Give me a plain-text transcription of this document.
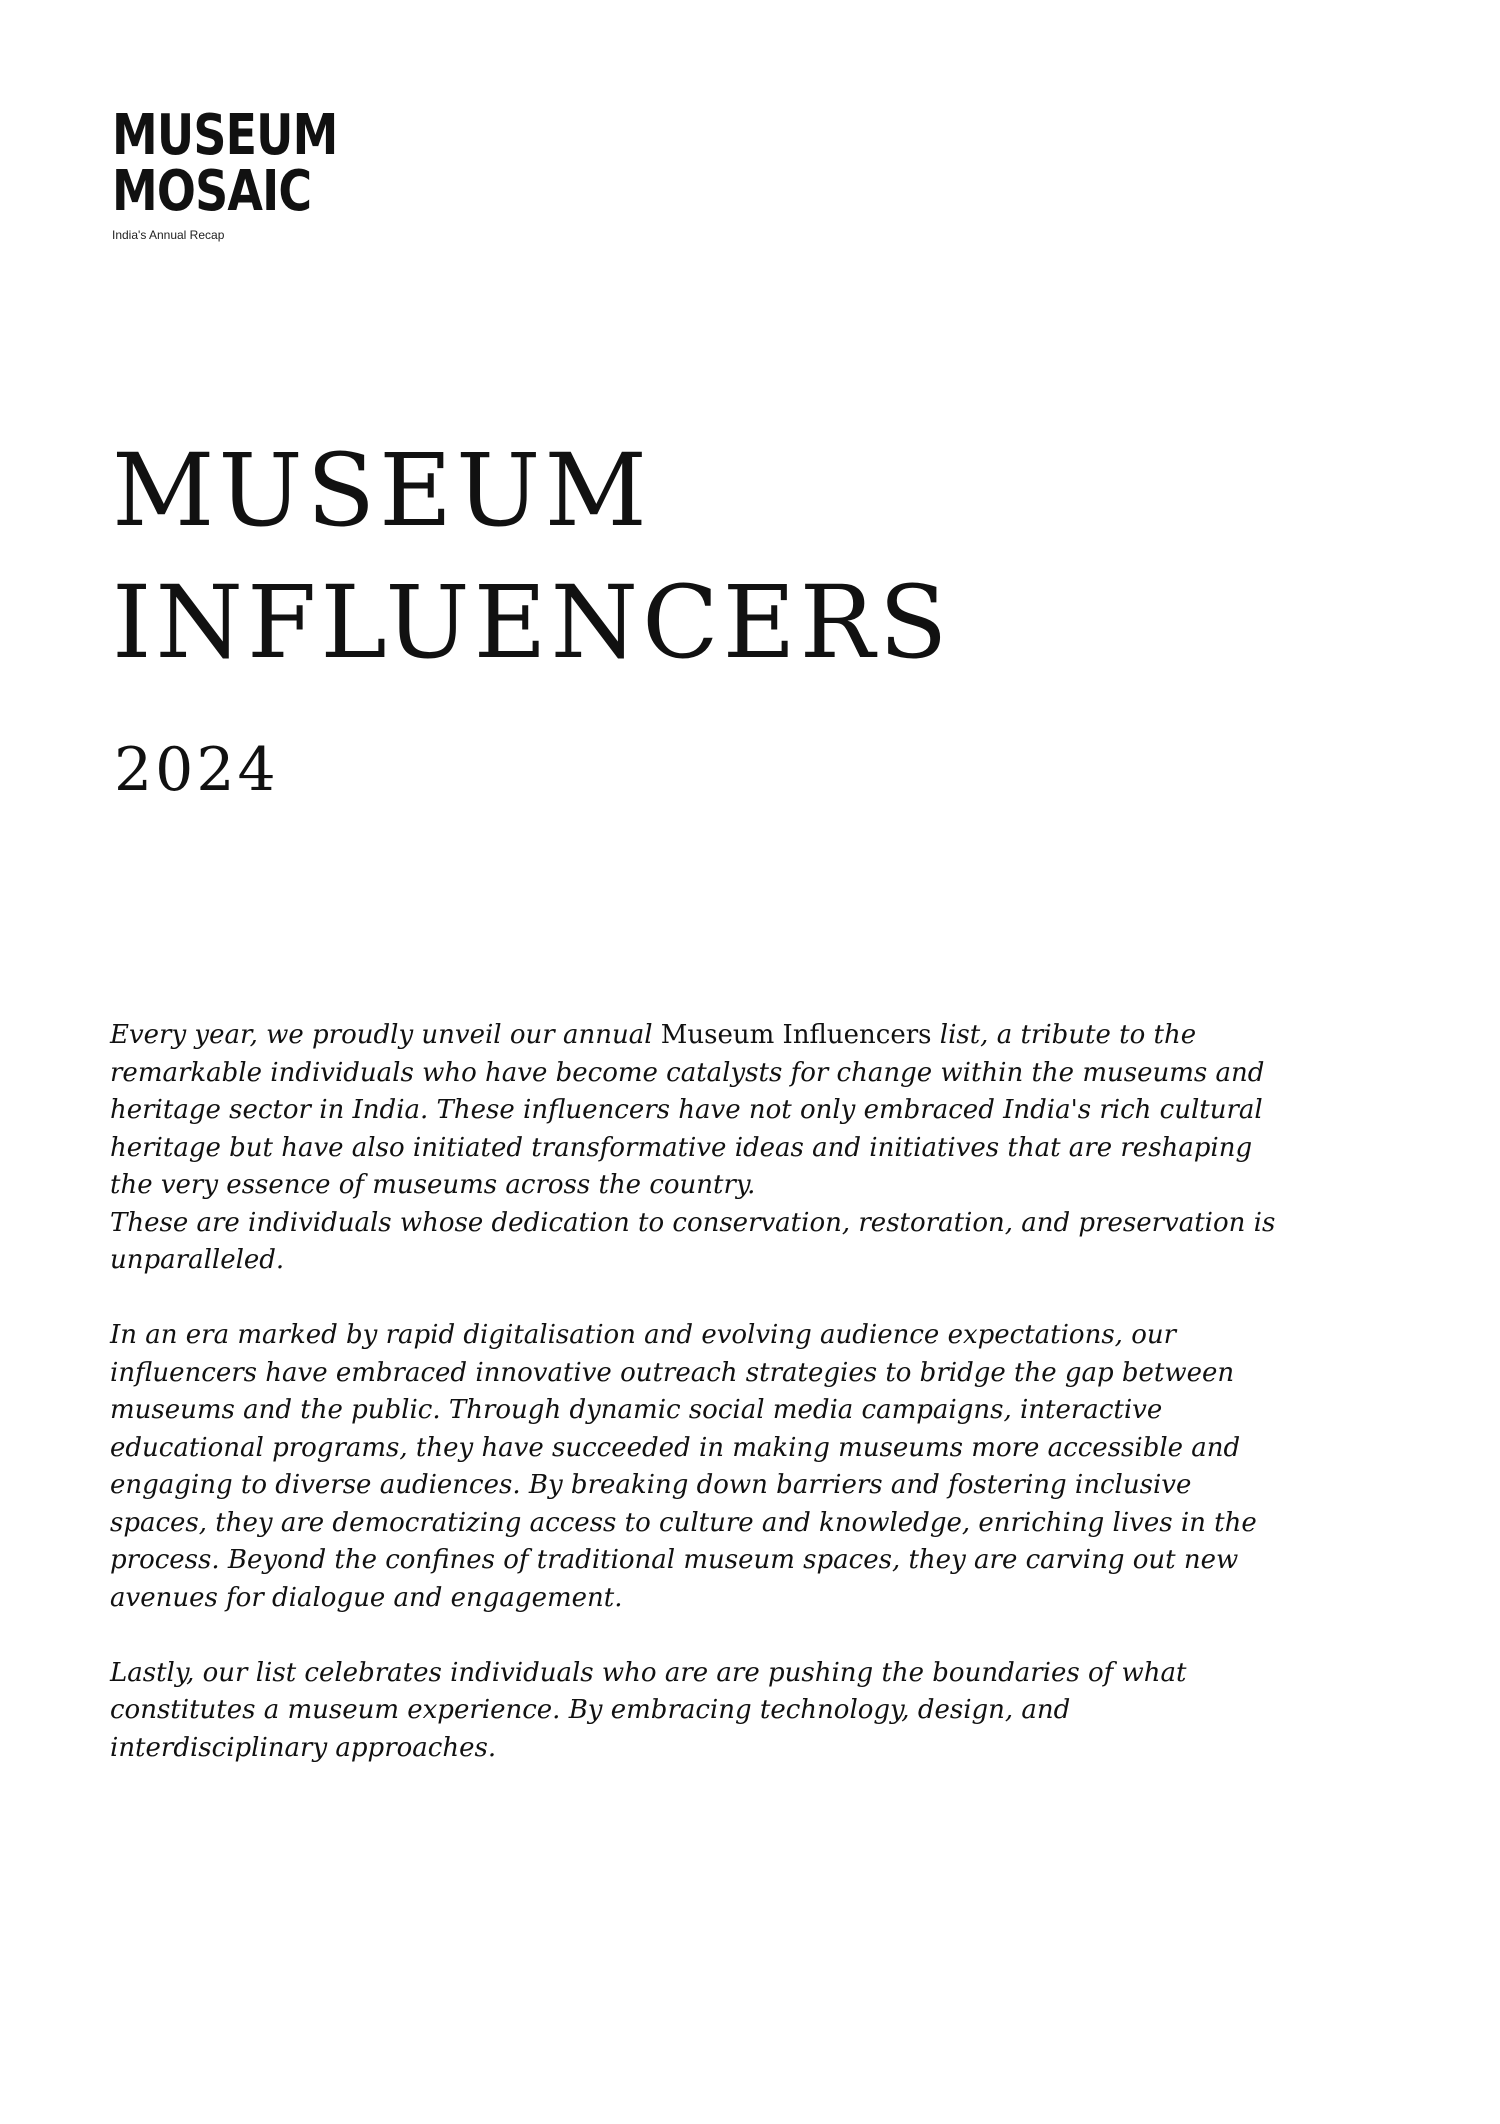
MUSEUM
MOSAIC
India's Annual Recap
MUSEUM
INFLUENCERS
2024

Every year, we proudly unveil our annual Museum Influencers list, a tribute to the remarkable individuals who have become catalysts for change within the museums and heritage sector in India. These influencers have not only embraced India's rich cultural heritage but have also initiated transformative ideas and initiatives that are reshaping the very essence of museums across the country.
These are individuals whose dedication to conservation, restoration, and preservation is unparalleled.

In an era marked by rapid digitalisation and evolving audience expectations, our influencers have embraced innovative outreach strategies to bridge the gap between museums and the public. Through dynamic social media campaigns, interactive educational programs, they have succeeded in making museums more accessible and engaging to diverse audiences. By breaking down barriers and fostering inclusive spaces, they are democratizing access to culture and knowledge, enriching lives in the process. Beyond the confines of traditional museum spaces, they are carving out new avenues for dialogue and engagement.

Lastly, our list celebrates individuals who are are pushing the boundaries of what constitutes a museum experience. By embracing technology, design, and interdisciplinary approaches.
